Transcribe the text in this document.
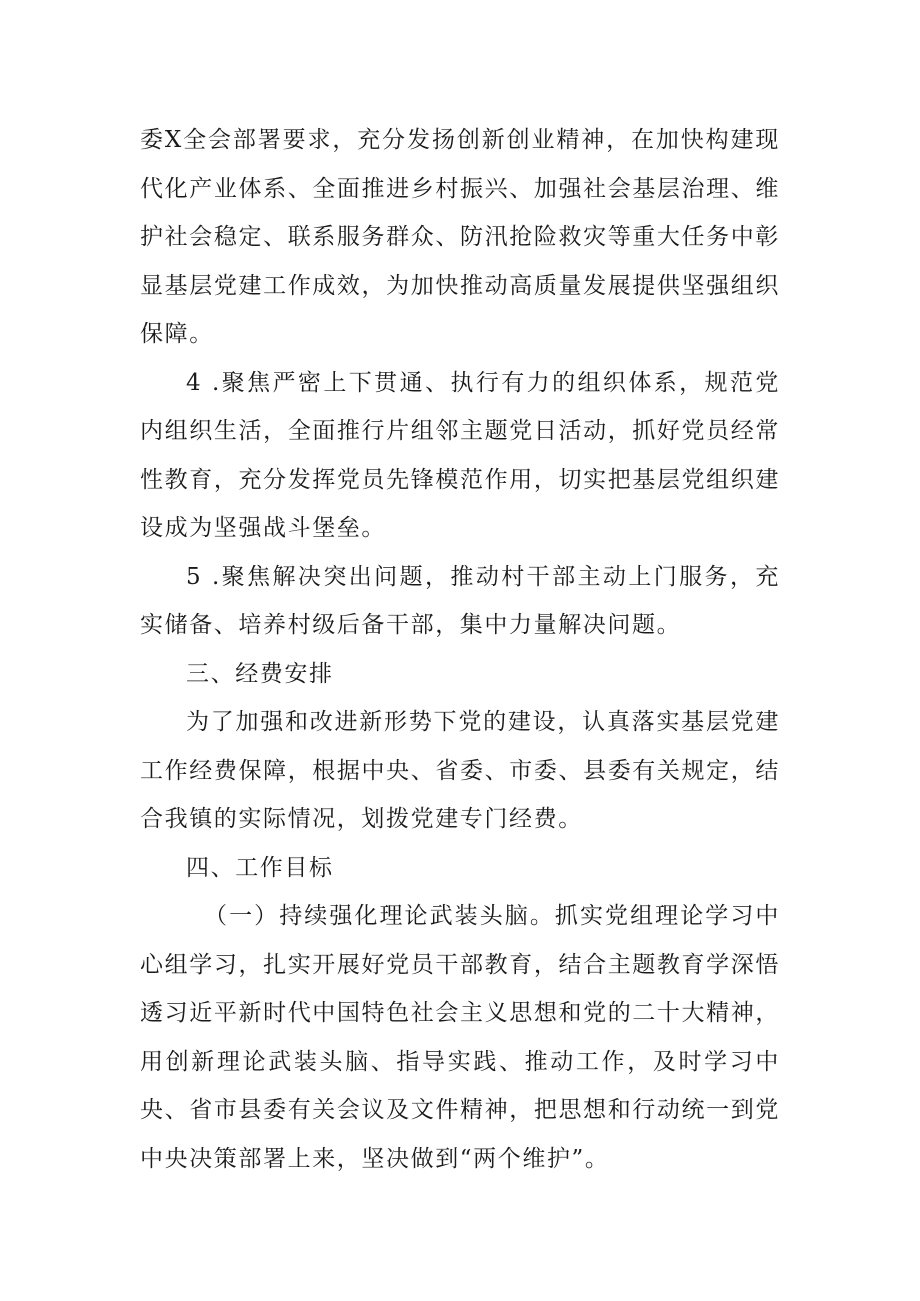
委X全会部署要求，充分发扬创新创业精神，在加快构建现代化产业体系、全面推进乡村振兴、加强社会基层治理、维护社会稳定、联系服务群众、防汛抢险救灾等重大任务中彰显基层党建工作成效，为加快推动高质量发展提供坚强组织保障。

4 .聚焦严密上下贯通、执行有力的组织体系，规范党内组织生活，全面推行片组邻主题党日活动，抓好党员经常性教育，充分发挥党员先锋模范作用，切实把基层党组织建设成为坚强战斗堡垒。

5 .聚焦解决突出问题，推动村干部主动上门服务，充实储备、培养村级后备干部，集中力量解决问题。

三、经费安排

为了加强和改进新形势下党的建设，认真落实基层党建工作经费保障，根据中央、省委、市委、县委有关规定，结合我镇的实际情况，划拨党建专门经费。

四、工作目标

（一）持续强化理论武装头脑。抓实党组理论学习中心组学习，扎实开展好党员干部教育，结合主题教育学深悟透习近平新时代中国特色社会主义思想和党的二十大精神，用创新理论武装头脑、指导实践、推动工作，及时学习中央、省市县委有关会议及文件精神，把思想和行动统一到党中央决策部署上来，坚决做到“两个维护”。
